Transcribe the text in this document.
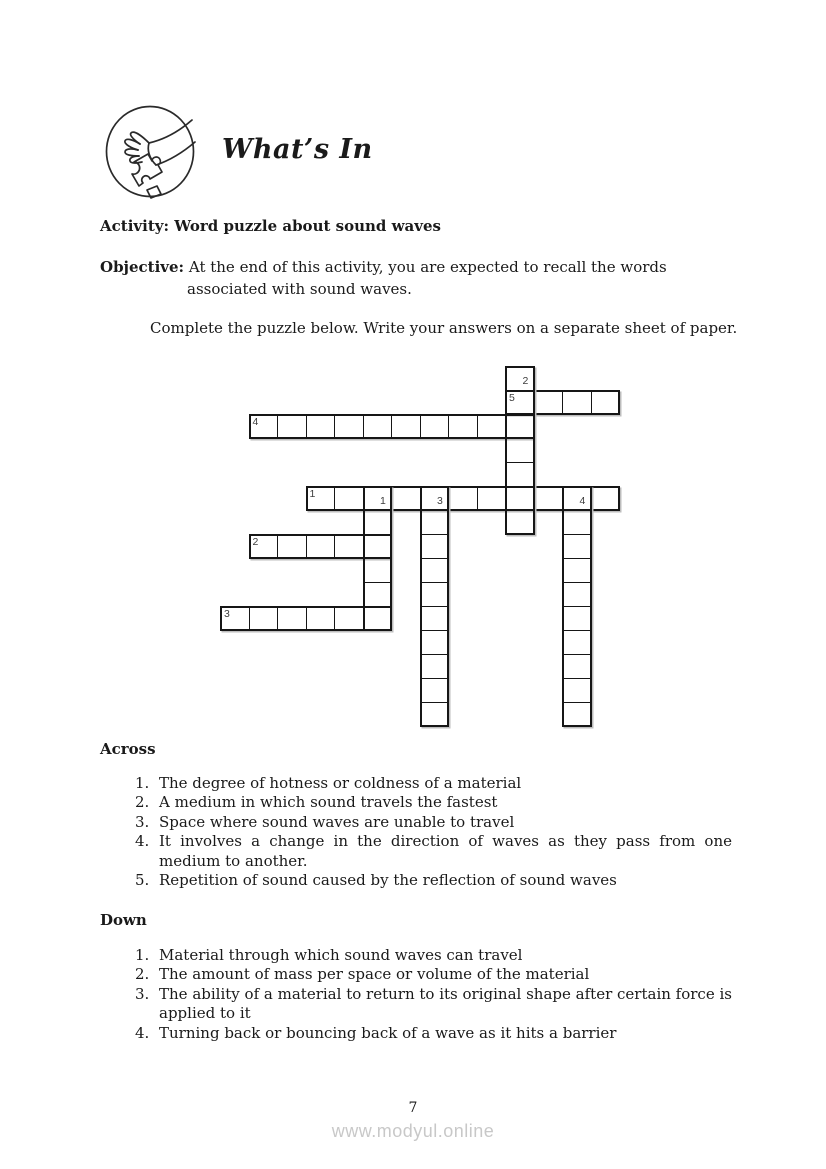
What’s In
Activity: Word puzzle about sound waves
Objective: At the end of this activity, you are expected to recall the words
associated with sound waves.
Complete the puzzle below. Write your answers on a separate sheet of paper.
2
5
4
1
1	3	4
2
3
Across
1. The degree of hotness or coldness of a material
2. A medium in which sound travels the fastest
3. Space where sound waves are unable to travel
4. It involves a change in the direction of waves as they pass from one medium to another.
5. Repetition of sound caused by the reflection of sound waves
Down
1. Material through which sound waves can travel
2. The amount of mass per space or volume of the material
3. The ability of a material to return to its original shape after certain force is applied to it
4. Turning back or bouncing back of a wave as it hits a barrier
7
www.modyul.online
